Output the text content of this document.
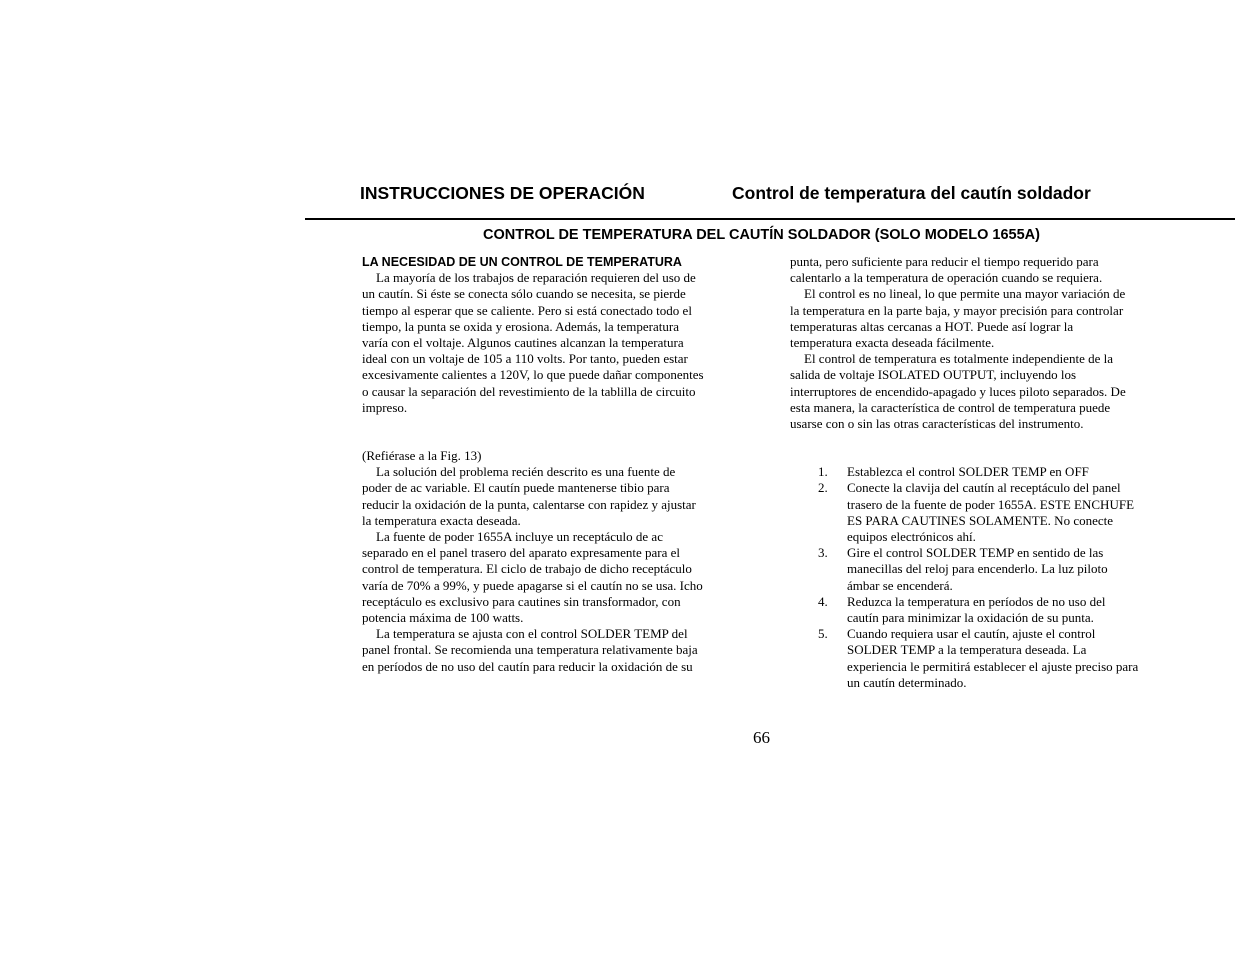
INSTRUCCIONES DE OPERACIÓN	Control de temperatura del cautín soldador
CONTROL DE TEMPERATURA DEL CAUTÍN SOLDADOR (SOLO MODELO 1655A)
LA NECESIDAD DE UN CONTROL DE TEMPERATURA
La mayoría de los trabajos de reparación requieren del uso de
un cautín. Si éste se conecta sólo cuando se necesita, se pierde
tiempo al esperar que se caliente. Pero si está conectado todo el
tiempo, la punta se oxida y erosiona. Además, la temperatura
varía con el voltaje. Algunos cautines alcanzan la temperatura
ideal con un voltaje de 105 a 110 volts. Por tanto, pueden estar
excesivamente calientes a 120V, lo que puede dañar componentes
o causar la separación del revestimiento de la tablilla de circuito
impreso.
(Refiérase a la Fig. 13)
La solución del problema recién descrito es una fuente de
poder de ac variable. El cautín puede mantenerse tibio para
reducir la oxidación de la punta, calentarse con rapidez y ajustar
la temperatura exacta deseada.
La fuente de poder 1655A incluye un receptáculo de ac
separado en el panel trasero del aparato expresamente para el
control de temperatura. El ciclo de trabajo de dicho receptáculo
varía de 70% a 99%, y puede apagarse si el cautín no se usa. Icho
receptáculo es exclusivo para cautines sin transformador, con
potencia máxima de 100 watts.
La temperatura se ajusta con el control SOLDER TEMP del
panel frontal. Se recomienda una temperatura relativamente baja
en períodos de no uso del cautín para reducir la oxidación de su
punta, pero suficiente para reducir el tiempo requerido para
calentarlo a la temperatura de operación cuando se requiera.
El control es no lineal, lo que permite una mayor variación de
la temperatura en la parte baja, y mayor precisión para controlar
temperaturas altas cercanas a HOT. Puede así lograr la
temperatura exacta deseada fácilmente.
El control de temperatura es totalmente independiente de la
salida de voltaje ISOLATED OUTPUT, incluyendo los
interruptores de encendido-apagado y luces piloto separados. De
esta manera, la característica de control de temperatura puede
usarse con o sin las otras características del instrumento.
1. Establezca el control SOLDER TEMP en OFF
2. Conecte la clavija del cautín al receptáculo del panel
trasero de la fuente de poder 1655A. ESTE ENCHUFE
ES PARA CAUTINES SOLAMENTE. No conecte
equipos electrónicos ahí.
3. Gire el control SOLDER TEMP en sentido de las
manecillas del reloj para encenderlo. La luz piloto
ámbar se encenderá.
4. Reduzca la temperatura en períodos de no uso del
cautín para minimizar la oxidación de su punta.
5. Cuando requiera usar el cautín, ajuste el control
SOLDER TEMP a la temperatura deseada. La
experiencia le permitirá establecer el ajuste preciso para
un cautín determinado.
66
